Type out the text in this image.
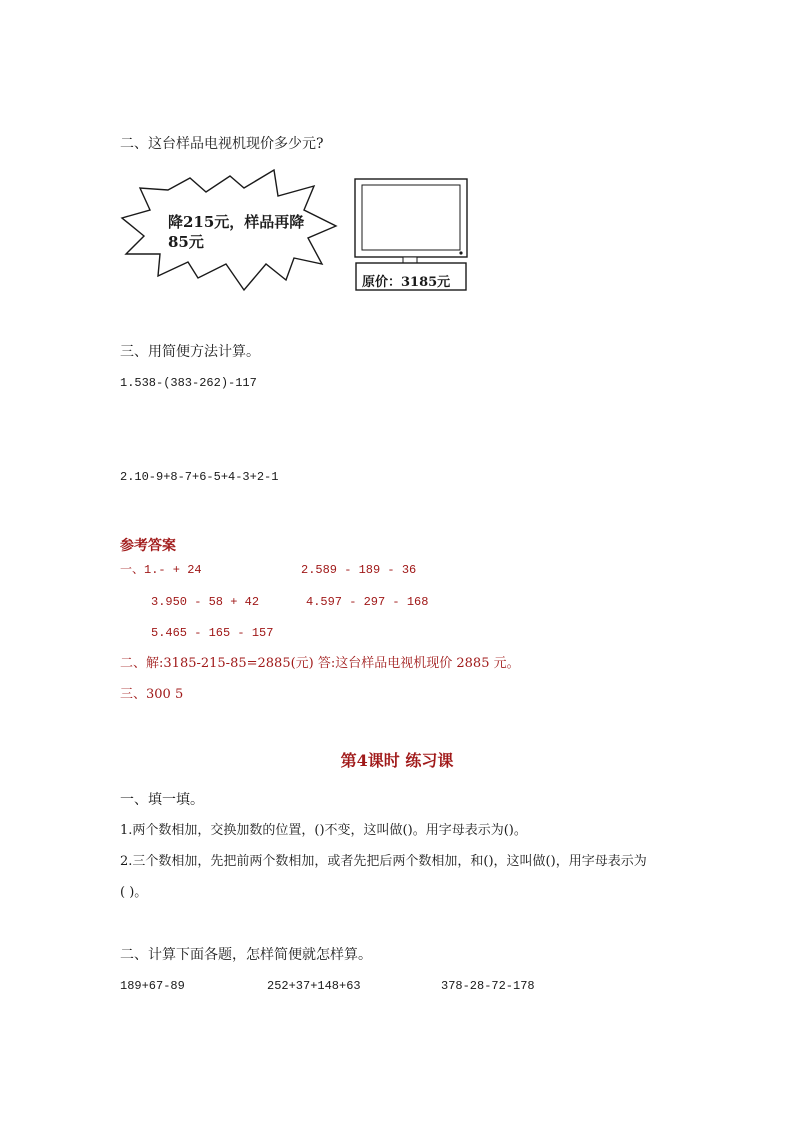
二、这台样品电视机现价多少元?
降215元，样品再降
85元
原价：3185元
三、用简便方法计算。
1.538-(383-262)-117
2.10-9+8-7+6-5+4-3+2-1
参考答案
一、1.- + 24	2.589 - 189 - 36
3.950 - 58 + 42	4.597 - 297 - 168
5.465 - 165 - 157
二、解:3185-215-85=2885(元) 答:这台样品电视机现价 2885 元。
三、300 5
第4课时 练习课
一、填一填。
1.两个数相加，交换加数的位置，()不变，这叫做()。用字母表示为()。
2.三个数相加，先把前两个数相加，或者先把后两个数相加，和()，这叫做()，用字母表示为
( )。
二、计算下面各题，怎样简便就怎样算。
189+67-89	252+37+148+63	378-28-72-178
